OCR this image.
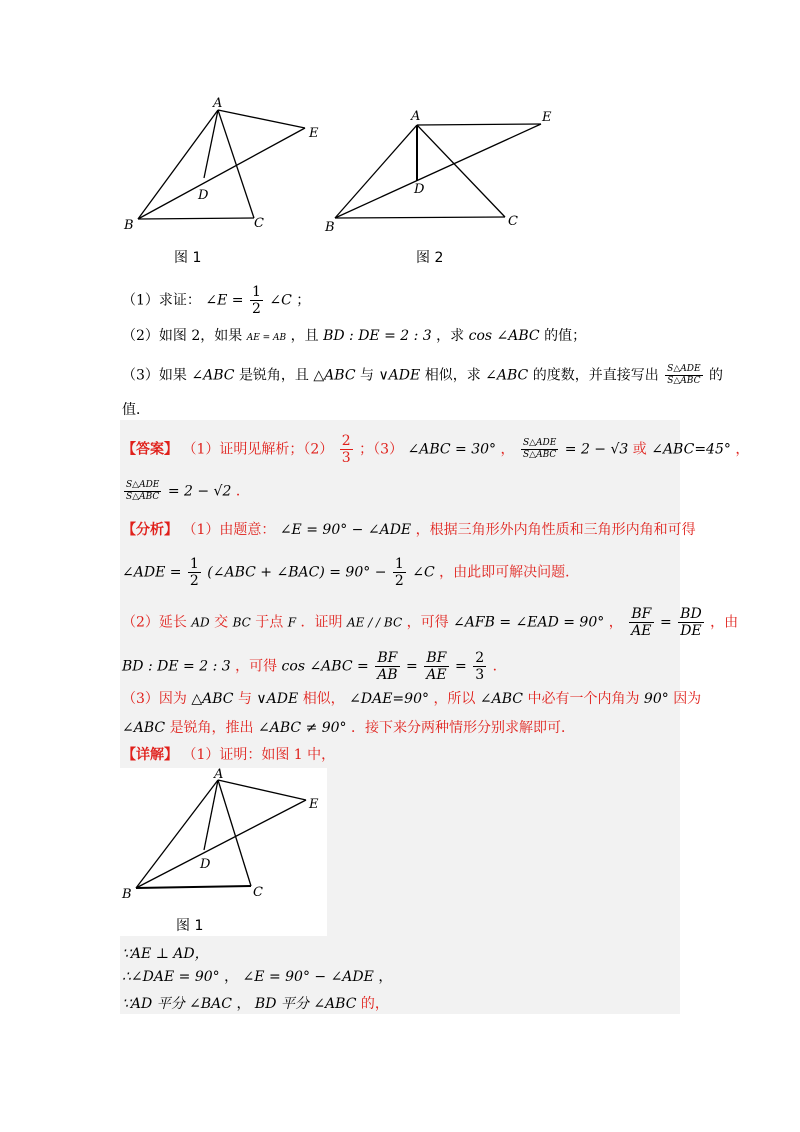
A
B	C
D
E
图 1
A
B	C
D
E
图 2
（1）求证： ∠E = $\frac{1}{2}$ ∠C ；
（2）如图 2，如果 AE = AB ，且 BD : DE = 2 : 3 ，求 cos ∠ABC 的值；
（3）如果 ∠ABC 是锐角，且 △ABC 与 ∨ADE 相似，求 ∠ABC 的度数，并直接写出 $\frac{\text{S△ADE}}{\text{S△ABC}}$ 的
值．
【答案】 （1）证明见解析；$(2) \frac{2}{3}$ ；（3） ∠ABC = 30° ， $\frac{\text{S△ADE}}{\text{S△ABC}} = 2 - √3$ 或 ∠ABC=45° ，
$\frac{\text{S△ADE}}{\text{S△ABC}} = 2 - √2$ ．
【分析】 （1）由题意： ∠E = 90° − ∠ADE ，根据三角形外内角性质和三角形内角和可得
∠ADE = $\frac{1}{2}$ (∠ABC + ∠BAC) = $90^\circ - \frac{1}{2}$ ∠C ，由此即可解决问题．
（2）延长 AD 交 BC 于点 F ．证明 AE / / BC ，可得 ∠AFB = ∠EAD = 90° ， $\frac{BF}{AE} = \frac{BD}{DE}$ ，由
BD : DE = 2 : 3 ，可得 cos ∠ABC = $\frac{BF}{AB} = \frac{BF}{AE} = \frac{2}{3}$ ．
（3）因为 △ABC 与 ∨ADE 相似， ∠DAE=90° ，所以 ∠ABC 中必有一个内角为 90° 因为
∠ABC 是锐角，推出 ∠ABC ≠ 90° ．接下来分两种情形分别求解即可．
【详解】 （1）证明：如图 1 中，
A
B	C
D
E
图 1
∵AE ⊥ AD，
∴∠DAE = 90° ， ∠E = 90° − ∠ADE ，
∵AD 平分 ∠BAC ， BD 平分 ∠ABC 的，
